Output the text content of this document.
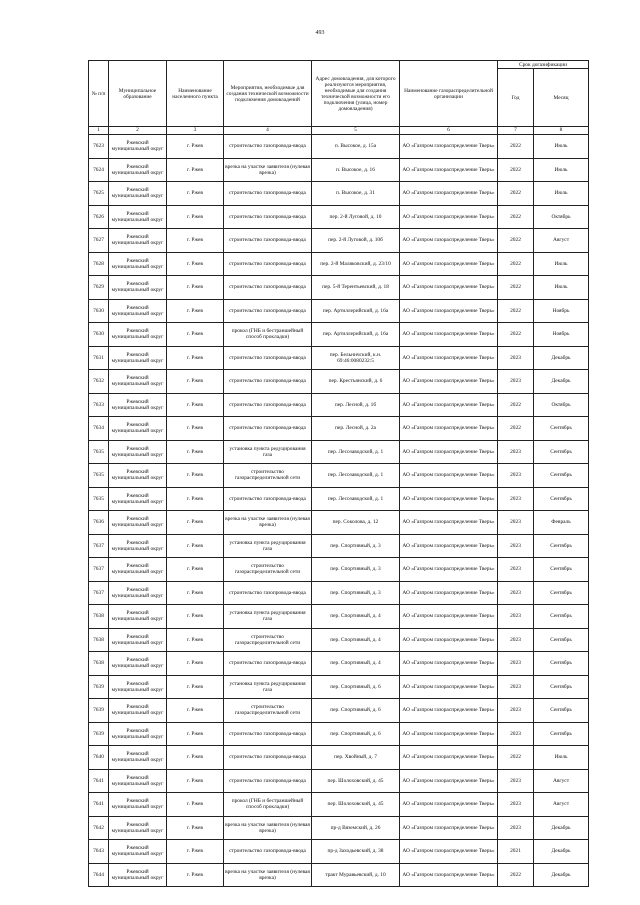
493
№ п/п	Муниципальное образование	Наименование населенного пункта	Мероприятия, необходимые для создания технической возможности подключения домовладений	Адрес домовладения, для которого реализуются мероприятия, необходимые для создания технической возможности его подключения (улица, номер домовладения)	Наименование газораспределительной организации	Срок догазификации	
						Год	Месяц
1	2	3	4	5	6	7	8
7623	Ржевский муниципальный округ	г. Ржев	строительство газопровода-ввода	п. Высокое, д. 15а	АО «Газпром газораспределение Тверь»	2022	Июль
7624	Ржевский муниципальный округ	г. Ржев	врезка на участке заявителя (нулевая врезка)	п. Высокое, д. 16	АО «Газпром газораспределение Тверь»	2022	Июль
7625	Ржевский муниципальный округ	г. Ржев	строительство газопровода-ввода	п. Высокое, д. 31	АО «Газпром газораспределение Тверь»	2022	Июль
7626	Ржевский муниципальный округ	г. Ржев	строительство газопровода-ввода	пер. 2-й Луговой, д. 10	АО «Газпром газораспределение Тверь»	2022	Октябрь
7627	Ржевский муниципальный округ	г. Ржев	строительство газопровода-ввода	пер. 2-й Луговой, д. 10б	АО «Газпром газораспределение Тверь»	2022	Август
7628	Ржевский муниципальный округ	г. Ржев	строительство газопровода-ввода	пер. 2-й Маляковский, д. 23/10	АО «Газпром газораспределение Тверь»	2022	Июль
7629	Ржевский муниципальный округ	г. Ржев	строительство газопровода-ввода	пер. 5-й Терентьевский, д. 18	АО «Газпром газораспределение Тверь»	2022	Июль
7630	Ржевский муниципальный округ	г. Ржев	строительство газопровода-ввода	пер. Артиллерийский, д. 16а	АО «Газпром газораспределение Тверь»	2022	Ноябрь
7630	Ржевский муниципальный округ	г. Ржев	прокол (ГНБ и бестраншейный способ прокладки)	пер. Артиллерийский, д. 16а	АО «Газпром газораспределение Тверь»	2022	Ноябрь
7631	Ржевский муниципальный округ	г. Ржев	строительство газопровода-ввода	пер. Бельничский, к.н. 69:46:0080232:5	АО «Газпром газораспределение Тверь»	2023	Декабрь
7632	Ржевский муниципальный округ	г. Ржев	строительство газопровода-ввода	пер. Крестьянский, д. 6	АО «Газпром газораспределение Тверь»	2023	Декабрь
7633	Ржевский муниципальный округ	г. Ржев	строительство газопровода-ввода	пер. Лесной, д. 1б	АО «Газпром газораспределение Тверь»	2022	Октябрь
7634	Ржевский муниципальный округ	г. Ржев	строительство газопровода-ввода	пер. Лесной, д. 2а	АО «Газпром газораспределение Тверь»	2022	Сентябрь
7635	Ржевский муниципальный округ	г. Ржев	установка пункта редуцирования газа	пер. Лесозаводской, д. 1	АО «Газпром газораспределение Тверь»	2023	Сентябрь
7635	Ржевский муниципальный округ	г. Ржев	строительство газораспределительной сети	пер. Лесозаводской, д. 1	АО «Газпром газораспределение Тверь»	2023	Сентябрь
7635	Ржевский муниципальный округ	г. Ржев	строительство газопровода-ввода	пер. Лесозаводской, д. 1	АО «Газпром газораспределение Тверь»	2023	Сентябрь
7636	Ржевский муниципальный округ	г. Ржев	врезка на участке заявителя (нулевая врезка)	пер. Соколова, д. 12	АО «Газпром газораспределение Тверь»	2023	Февраль
7637	Ржевский муниципальный округ	г. Ржев	установка пункта редуцирования газа	пер. Спортивный, д. 3	АО «Газпром газораспределение Тверь»	2023	Сентябрь
7637	Ржевский муниципальный округ	г. Ржев	строительство газораспределительной сети	пер. Спортивный, д. 3	АО «Газпром газораспределение Тверь»	2023	Сентябрь
7637	Ржевский муниципальный округ	г. Ржев	строительство газопровода-ввода	пер. Спортивный, д. 3	АО «Газпром газораспределение Тверь»	2023	Сентябрь
7638	Ржевский муниципальный округ	г. Ржев	установка пункта редуцирования газа	пер. Спортивный, д. 4	АО «Газпром газораспределение Тверь»	2023	Сентябрь
7638	Ржевский муниципальный округ	г. Ржев	строительство газораспределительной сети	пер. Спортивный, д. 4	АО «Газпром газораспределение Тверь»	2023	Сентябрь
7638	Ржевский муниципальный округ	г. Ржев	строительство газопровода-ввода	пер. Спортивный, д. 4	АО «Газпром газораспределение Тверь»	2023	Сентябрь
7639	Ржевский муниципальный округ	г. Ржев	установка пункта редуцирования газа	пер. Спортивный, д. 6	АО «Газпром газораспределение Тверь»	2023	Сентябрь
7639	Ржевский муниципальный округ	г. Ржев	строительство газораспределительной сети	пер. Спортивный, д. 6	АО «Газпром газораспределение Тверь»	2023	Сентябрь
7639	Ржевский муниципальный округ	г. Ржев	строительство газопровода-ввода	пер. Спортивный, д. 6	АО «Газпром газораспределение Тверь»	2023	Сентябрь
7640	Ржевский муниципальный округ	г. Ржев	строительство газопровода-ввода	пер. Хвойный, д. 7	АО «Газпром газораспределение Тверь»	2022	Июль
7641	Ржевский муниципальный округ	г. Ржев	строительство газопровода-ввода	пер. Шолоховский, д. 45	АО «Газпром газораспределение Тверь»	2023	Август
7641	Ржевский муниципальный округ	г. Ржев	прокол (ГНБ и бестраншейный способ прокладки)	пер. Шолоховский, д. 45	АО «Газпром газораспределение Тверь»	2023	Август
7642	Ржевский муниципальный округ	г. Ржев	врезка на участке заявителя (нулевая врезка)	пр-д Вяземский, д. 26	АО «Газпром газораспределение Тверь»	2023	Декабрь
7643	Ржевский муниципальный округ	г. Ржев	строительство газопровода-ввода	пр-д Заходьевский, д. 38	АО «Газпром газораспределение Тверь»	2021	Декабрь
7644	Ржевский муниципальный округ	г. Ржев	врезка на участке заявителя (нулевая врезка)	тракт Муравьевский, д. 10	АО «Газпром газораспределение Тверь»	2022	Декабрь
